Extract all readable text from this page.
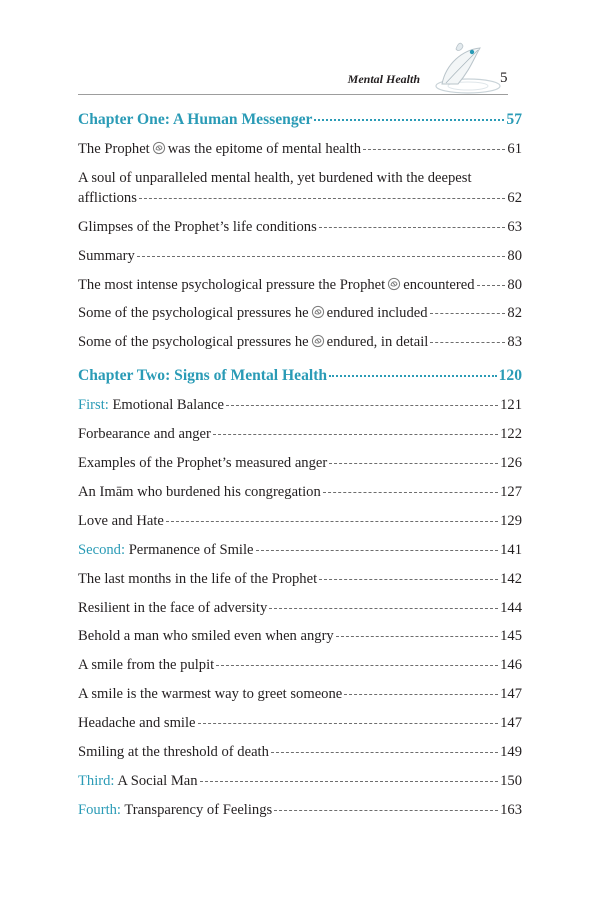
Mental Health	5
Chapter One: A Human Messenger	57
The Prophet was the epitome of mental health	61
A soul of unparalleled mental health, yet burdened with the deepest
afflictions	62
Glimpses of the Prophet’s life conditions	63
Summary	80
The most intense psychological pressure the Prophet encountered 80
Some of the psychological pressures he endured included	82
Some of the psychological pressures he endured, in detail	83
Chapter Two: Signs of Mental Health	120
First: Emotional Balance	121
Forbearance and anger	122
Examples of the Prophet’s measured anger	126
An Imām who burdened his congregation	127
Love and Hate	129
Second: Permanence of Smile	141
The last months in the life of the Prophet	142
Resilient in the face of adversity	144
Behold a man who smiled even when angry	145
A smile from the pulpit	146
A smile is the warmest way to greet someone	147
Headache and smile	147
Smiling at the threshold of death	149
Third: A Social Man	150
Fourth: Transparency of Feelings	163
